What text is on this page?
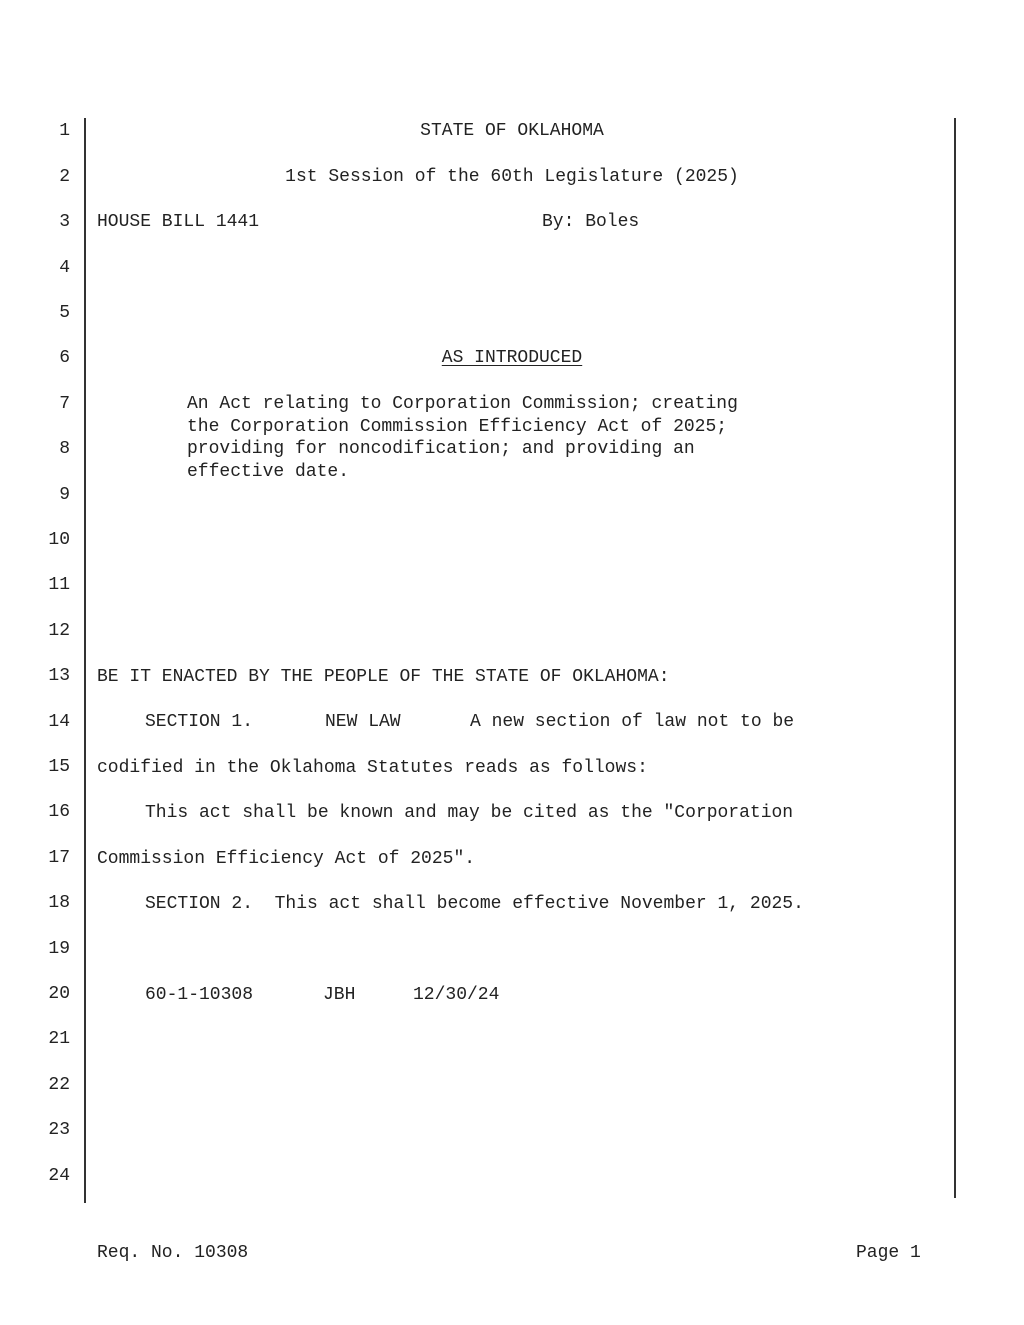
1
2
3
4
5
6
7
8
9
10
11
12
13
14
15
16
17
18
19
20
21
22
23
24
STATE OF OKLAHOMA
1st Session of the 60th Legislature (2025)
HOUSE BILL 1441	By: Boles
AS INTRODUCED
An Act relating to Corporation Commission; creating
the Corporation Commission Efficiency Act of 2025;
providing for noncodification; and providing an
effective date.
BE IT ENACTED BY THE PEOPLE OF THE STATE OF OKLAHOMA:
SECTION 1.	NEW LAW	A new section of law not to be
codified in the Oklahoma Statutes reads as follows:
This act shall be known and may be cited as the "Corporation
Commission Efficiency Act of 2025".
SECTION 2.  This act shall become effective November 1, 2025.
60-1-10308	JBH	12/30/24
Req. No. 10308	Page 1
